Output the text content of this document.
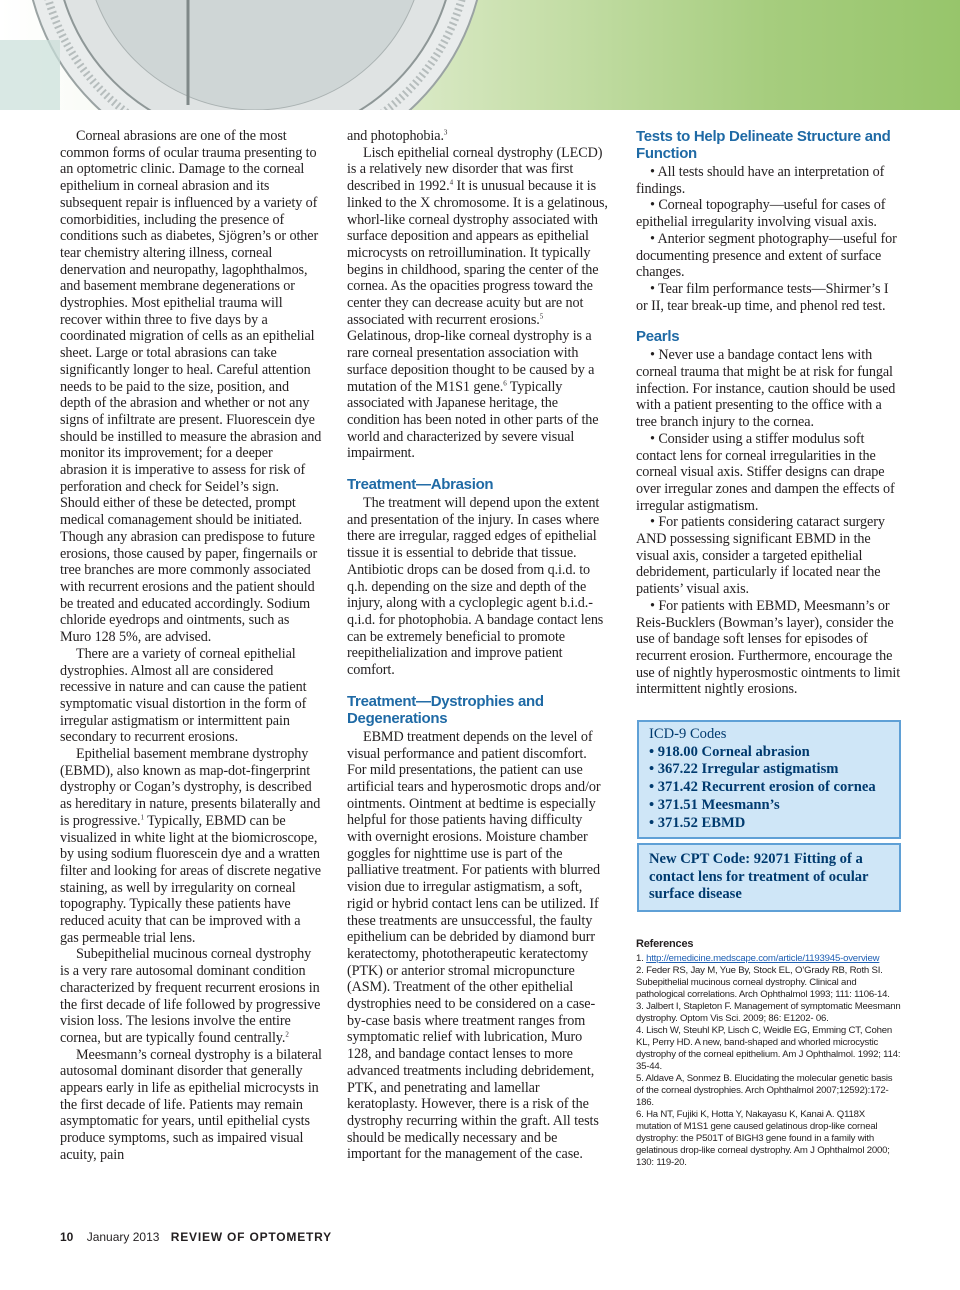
Corneal abrasions are one of the most common forms of ocular trauma presenting to an optometric clinic. Damage to the corneal epithelium in corneal abrasion and its subsequent repair is influenced by a variety of comorbidities, including the presence of conditions such as diabetes, Sjögren’s or other tear chemistry altering illness, corneal denervation and neuropathy, lagophthalmos, and basement membrane degenerations or dystrophies. Most epithelial trauma will recover within three to five days by a coordinated migration of cells as an epithelial sheet. Large or total abrasions can take significantly longer to heal. Careful attention needs to be paid to the size, position, and depth of the abrasion and whether or not any signs of infiltrate are present. Fluorescein dye should be instilled to measure the abrasion and monitor its improvement; for a deeper abrasion it is imperative to assess for risk of perforation and check for Seidel’s sign. Should either of these be detected, prompt medical comanagement should be initiated. Though any abrasion can predispose to future erosions, those caused by paper, fingernails or tree branches are more commonly associated with recurrent erosions and the patient should be treated and educated accordingly. Sodium chloride eyedrops and ointments, such as Muro 128 5%, are advised.

There are a variety of corneal epithelial dystrophies. Almost all are considered recessive in nature and can cause the patient symptomatic visual distortion in the form of irregular astigmatism or intermittent pain secondary to recurrent erosions.

Epithelial basement membrane dystrophy (EBMD), also known as map-dot-fingerprint dystrophy or Cogan’s dystrophy, is described as hereditary in nature, presents bilaterally and is progressive.$^1$ Typically, EBMD can be visualized in white light at the biomicroscope, by using sodium fluorescein dye and a wratten filter and looking for areas of discrete negative staining, as well by irregularity on corneal topography. Typically these patients have reduced acuity that can be improved with a gas permeable trial lens.

Subepithelial mucinous corneal dystrophy is a very rare autosomal dominant condition characterized by frequent recurrent erosions in the first decade of life followed by progressive vision loss. The lesions involve the entire cornea, but are typically found centrally.$^2$

Meesmann’s corneal dystrophy is a bilateral autosomal dominant disorder that generally appears early in life as epithelial microcysts in the first decade of life. Patients may remain asymptomatic for years, until epithelial cysts produce symptoms, such as impaired visual acuity, pain

and photophobia.$^3$

Lisch epithelial corneal dystrophy (LECD) is a relatively new disorder that was first described in 1992.$^4$ It is unusual because it is linked to the X chromosome. It is a gelatinous, whorl-like corneal dystrophy associated with surface deposition and appears as epithelial microcysts on retroillumination. It typically begins in childhood, sparing the center of the cornea. As the opacities progress toward the center they can decrease acuity but are not associated with recurrent erosions.$^5$ Gelatinous, drop-like corneal dystrophy is a rare corneal presentation association with surface deposition thought to be caused by a mutation of the M1S1 gene.$^6$ Typically associated with Japanese heritage, the condition has been noted in other parts of the world and characterized by severe visual impairment.

Treatment—Abrasion

The treatment will depend upon the extent and presentation of the injury. In cases where there are irregular, ragged edges of epithelial tissue it is essential to debride that tissue. Antibiotic drops can be dosed from q.i.d. to q.h. depending on the size and depth of the injury, along with a cycloplegic agent b.i.d.-q.i.d. for photophobia. A bandage contact lens can be extremely beneficial to promote reepithelialization and improve patient comfort.

Treatment—Dystrophies and Degenerations

EBMD treatment depends on the level of visual performance and patient discomfort. For mild presentations, the patient can use artificial tears and hyperosmotic drops and/or ointments. Ointment at bedtime is especially helpful for those patients having difficulty with overnight erosions. Moisture chamber goggles for nighttime use is part of the palliative treatment. For patients with blurred vision due to irregular astigmatism, a soft, rigid or hybrid contact lens can be utilized. If these treatments are unsuccessful, the faulty epithelium can be debrided by diamond burr keratectomy, phototherapeutic keratectomy (PTK) or anterior stromal micropuncture (ASM). Treatment of the other epithelial dystrophies need to be considered on a case-by-case basis where treatment ranges from symptomatic relief with lubrication, Muro 128, and bandage contact lenses to more advanced treatments including debridement, PTK, and penetrating and lamellar keratoplasty. However, there is a risk of the dystrophy recurring within the graft. All tests should be medically necessary and be important for the management of the case.

Tests to Help Delineate Structure and Function

• All tests should have an interpretation of findings.

• Corneal topography—useful for cases of epithelial irregularity involving visual axis.

• Anterior segment photography—useful for documenting presence and extent of surface changes.

• Tear film performance tests—Shirmer’s I or II, tear break-up time, and phenol red test.

Pearls

• Never use a bandage contact lens with corneal trauma that might be at risk for fungal infection. For instance, caution should be used with a patient presenting to the office with a tree branch injury to the cornea.

• Consider using a stiffer modulus soft contact lens for corneal irregularities in the corneal visual axis. Stiffer designs can drape over irregular zones and dampen the effects of irregular astigmatism.

• For patients considering cataract surgery AND possessing significant EBMD in the visual axis, consider a targeted epithelial debridement, particularly if located near the patients’ visual axis.

• For patients with EBMD, Meesmann’s or Reis-Bucklers (Bowman’s layer), consider the use of bandage soft lenses for episodes of recurrent erosion. Furthermore, encourage the use of nightly hyperosmostic ointments to limit intermittent nightly erosions.

ICD-9 Codes
• 918.00 Corneal abrasion
• 367.22 Irregular astigmatism
• 371.42 Recurrent erosion of cornea
• 371.51 Meesmann’s
• 371.52 EBMD
New CPT Code: 92071 Fitting of a contact lens for treatment of ocular surface disease
References

1. http://emedicine.medscape.com/article/1193945-overview

2. Feder RS, Jay M, Yue By, Stock EL, O’Grady RB, Roth SI. Subepithelial mucinous corneal dystrophy. Clinical and pathological correlations. Arch Ophthalmol 1993; 111: 1106-14.

3. Jalbert I, Stapleton F. Management of symptomatic Meesmann dystrophy. Optom Vis Sci. 2009; 86: E1202- 06.

4. Lisch W, Steuhl KP, Lisch C, Weidle EG, Emming CT, Cohen KL, Perry HD. A new, band-shaped and whorled microcystic dystrophy of the corneal epithelium. Am J Ophthalmol. 1992; 114: 35-44.

5. Aldave A, Sonmez B. Elucidating the molecular genetic basis of the corneal dystrophies. Arch Ophthalmol 2007;12592):172-186.

6. Ha NT, Fujiki K, Hotta Y, Nakayasu K, Kanai A. Q118X mutation of M1S1 gene caused gelatinous drop-like corneal dystrophy: the P501T of BIGH3 gene found in a family with gelatinous drop-like corneal dystrophy. Am J Ophthalmol 2000; 130: 119-20.

10 January 2013 REVIEW OF OPTOMETRY
